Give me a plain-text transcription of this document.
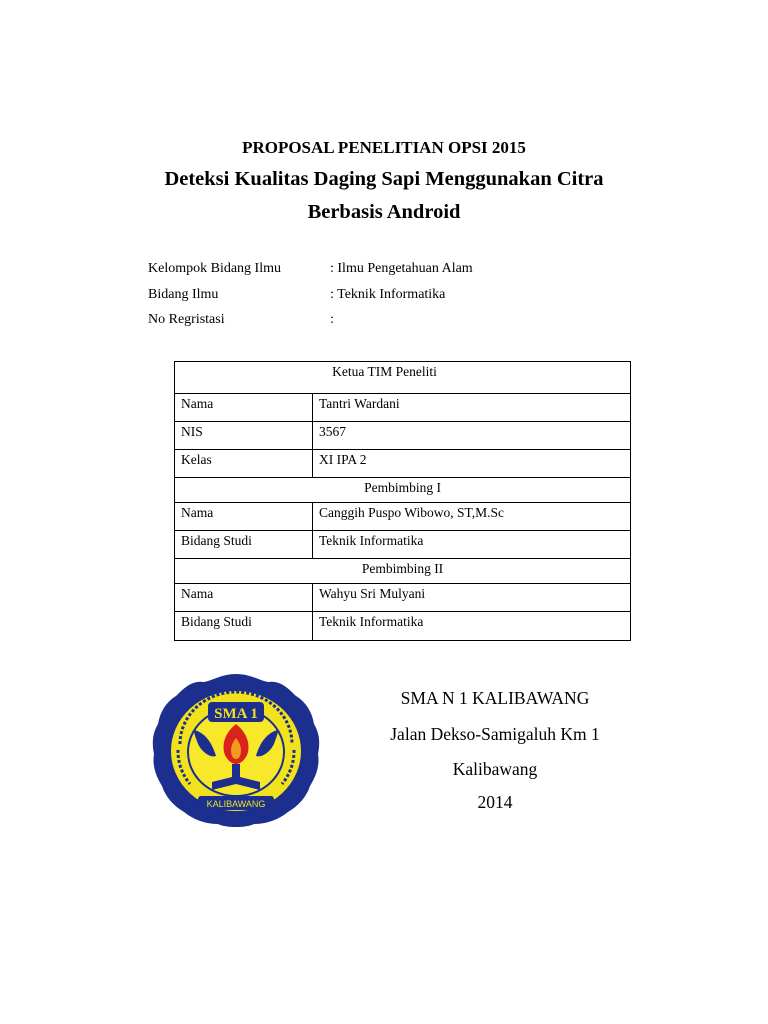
PROPOSAL PENELITIAN OPSI 2015
Deteksi Kualitas Daging Sapi Menggunakan Citra
Berbasis Android
Kelompok Bidang Ilmu	: Ilmu Pengetahuan Alam
Bidang Ilmu	: Teknik Informatika
No Regristasi	:
Ketua TIM Peneliti	
Nama	Tantri Wardani
NIS	3567
Kelas	XI IPA 2
Pembimbing I	
Nama	Canggih Puspo Wibowo, ST,M.Sc
Bidang Studi	Teknik Informatika
Pembimbing II	
Nama	Wahyu Sri Mulyani
Bidang Studi	Teknik Informatika
SMA 1
KALIBAWANG
SMA N 1 KALIBAWANG
Jalan Dekso-Samigaluh Km 1
Kalibawang
2014
